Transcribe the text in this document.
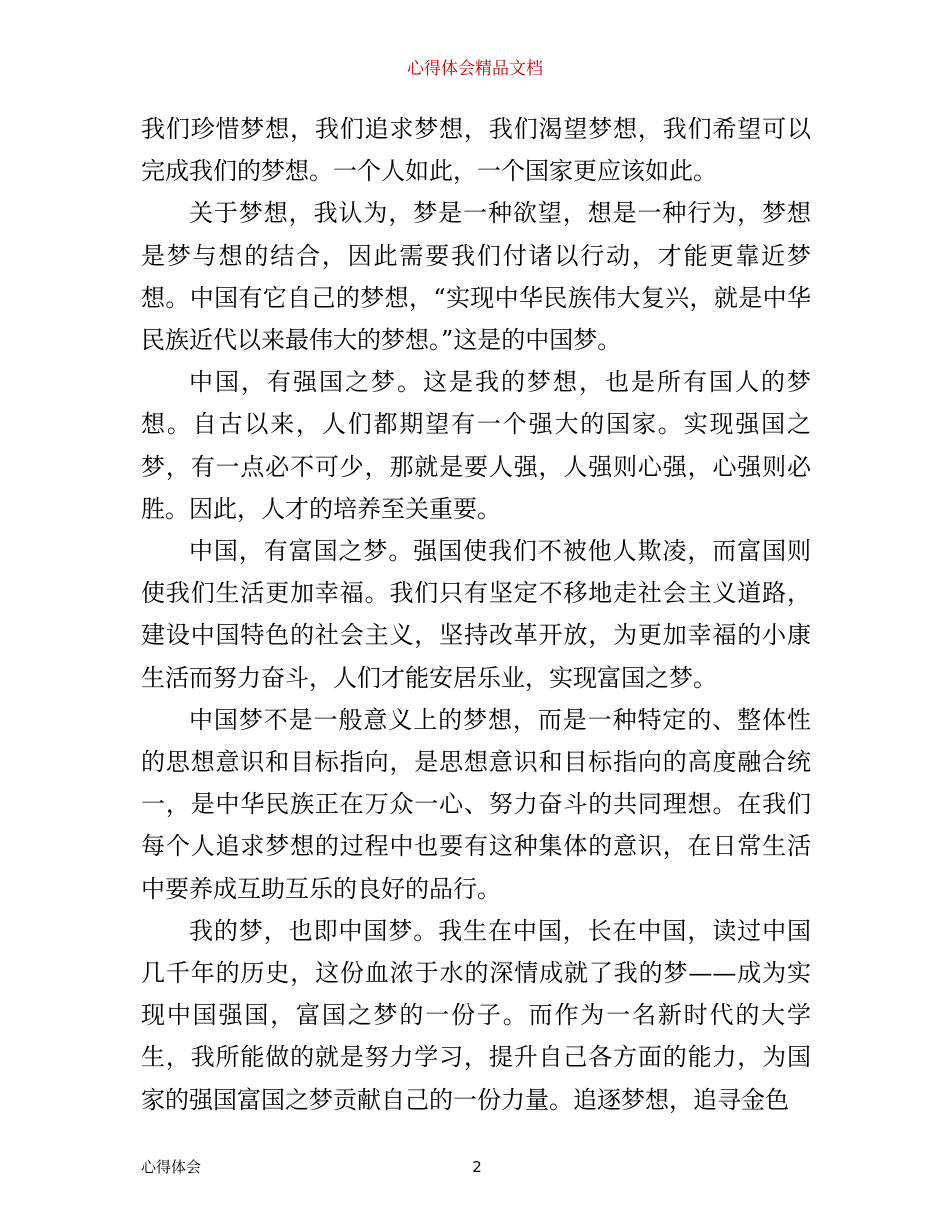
心得体会精品文档

我们珍惜梦想，我们追求梦想，我们渴望梦想，我们希望可以完成我们的梦想。一个人如此，一个国家更应该如此。

关于梦想，我认为，梦是一种欲望，想是一种行为，梦想是梦与想的结合，因此需要我们付诸以行动，才能更靠近梦想。中国有它自己的梦想，“实现中华民族伟大复兴，就是中华民族近代以来最伟大的梦想。”这是的中国梦。

中国，有强国之梦。这是我的梦想，也是所有国人的梦想。自古以来，人们都期望有一个强大的国家。实现强国之梦，有一点必不可少，那就是要人强，人强则心强，心强则必胜。因此，人才的培养至关重要。

中国，有富国之梦。强国使我们不被他人欺凌，而富国则使我们生活更加幸福。我们只有坚定不移地走社会主义道路，建设中国特色的社会主义，坚持改革开放，为更加幸福的小康生活而努力奋斗，人们才能安居乐业，实现富国之梦。

中国梦不是一般意义上的梦想，而是一种特定的、整体性的思想意识和目标指向，是思想意识和目标指向的高度融合统一，是中华民族正在万众一心、努力奋斗的共同理想。在我们每个人追求梦想的过程中也要有这种集体的意识，在日常生活中要养成互助互乐的良好的品行。

我的梦，也即中国梦。我生在中国，长在中国，读过中国几千年的历史，这份血浓于水的深情成就了我的梦——成为实现中国强国，富国之梦的一份子。而作为一名新时代的大学生，我所能做的就是努力学习，提升自己各方面的能力，为国家的强国富国之梦贡献自己的一份力量。追逐梦想，追寻金色

心得体会	2
